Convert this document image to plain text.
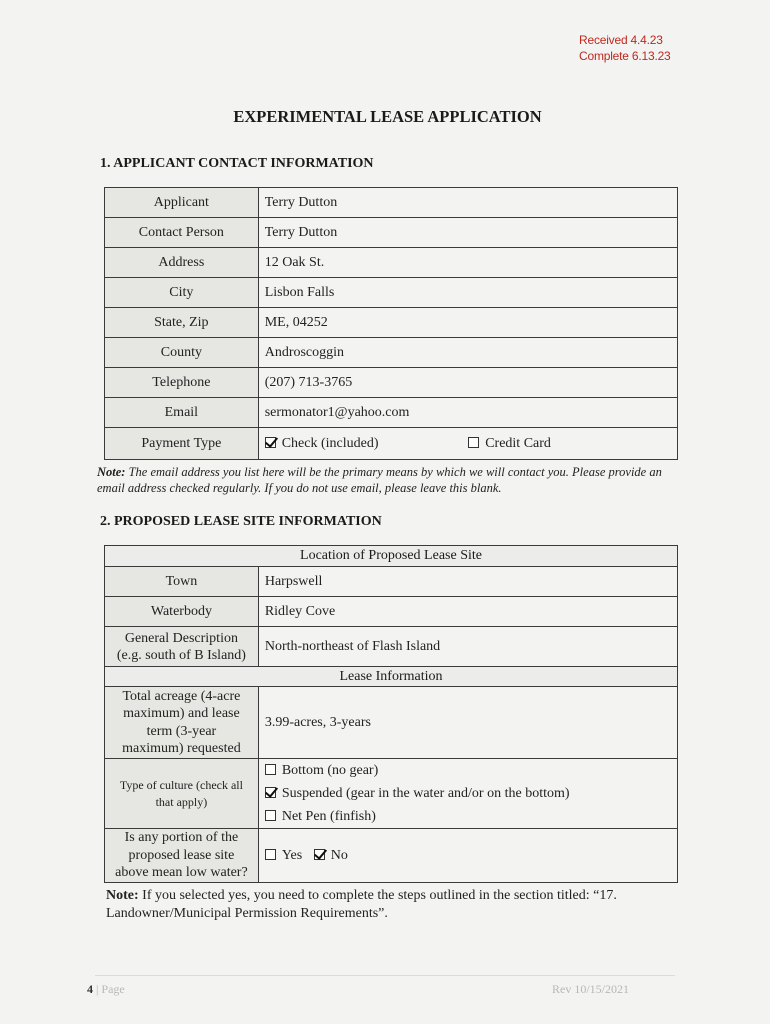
Received 4.4.23
Complete 6.13.23
EXPERIMENTAL LEASE APPLICATION
1. APPLICANT CONTACT INFORMATION
Applicant	Terry Dutton
Contact Person	Terry Dutton
Address	12 Oak St.
City	Lisbon Falls
State, Zip	ME, 04252
County	Androscoggin
Telephone	(207) 713-3765
Email	sermonator1@yahoo.com
Payment Type	Check (included) Credit Card
Note: The email address you list here will be the primary means by which we will contact you. Please provide an email address checked regularly. If you do not use email, please leave this blank.
2. PROPOSED LEASE SITE INFORMATION
Location of Proposed Lease Site	
Town	Harpswell
Waterbody	Ridley Cove

General Description
(e.g. south of B Island)	North-northeast of Flash Island
Lease Information	
Total acreage (4-acre maximum) and lease term (3-year maximum) requested	3.99-acres, 3-years
Type of culture (check all that apply)	Bottom (no gear)
Suspended (gear in the water and/or on the bottom)
Net Pen (finfish)

Is any portion of the proposed lease site above mean low water?	Yes No
Note: If you selected yes, you need to complete the steps outlined in the section titled: “17. Landowner/Municipal Permission Requirements”.
4 | Page	Rev 10/15/2021
